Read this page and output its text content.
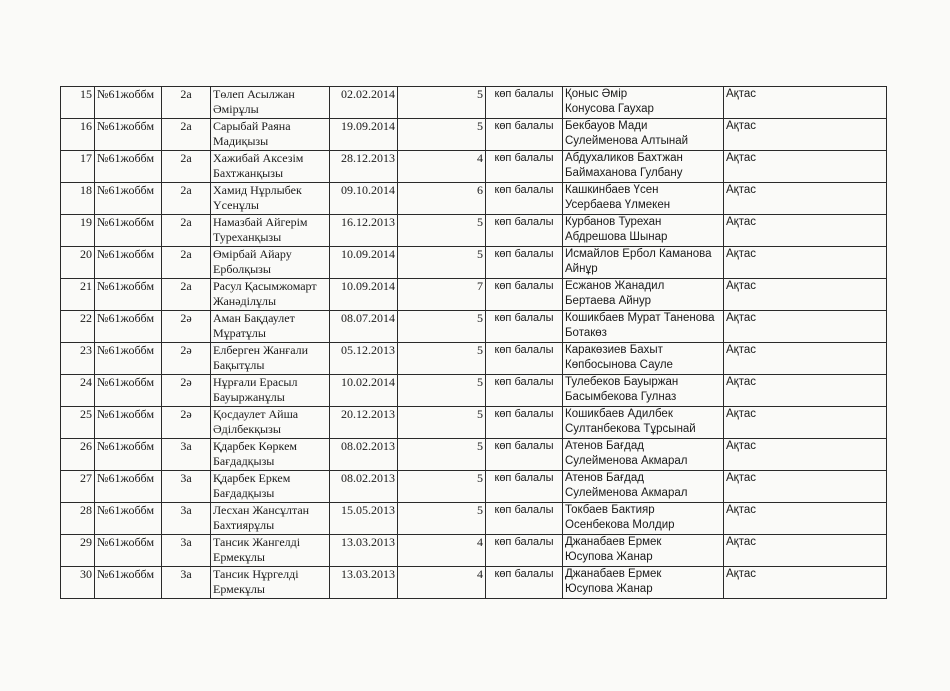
15	№61жоббм	2а	Төлеп Асылжан
Әмірұлы	02.02.2014	5	көп балалы	Қоныс Әмір
Конусова Гаухар	Ақтас

16	№61жоббм	2а	Сарыбай Раяна
Мадиқызы	19.09.2014	5	көп балалы	Бекбауов Мади
Сулейменова Алтынай	Ақтас

17	№61жоббм	2а	Хажибай Аксезім
Бахтжанқызы	28.12.2013	4	көп балалы	Абдухаликов Бахтжан
Баймаханова Гулбану	Ақтас

18	№61жоббм	2а	Хамид Нұрлыбек
Үсенұлы	09.10.2014	6	көп балалы	Кашкинбаев Үсен
Усербаева Үлмекен	Ақтас

19	№61жоббм	2а	Намазбай Айгерім
Туреханқызы	16.12.2013	5	көп балалы	Курбанов Турехан
Абдрешова Шынар	Ақтас

20	№61жоббм	2а	Өмірбай Айару
Ерболқызы	10.09.2014	5	көп балалы	Исмайлов Ербол Каманова
Айнұр	Ақтас

21	№61жоббм	2а	Расул Қасымжомарт
Жанәділұлы	10.09.2014	7	көп балалы	Есжанов Жанадил
Бертаева Айнур	Ақтас

22	№61жоббм	2ә	Аман Бақдаулет
Мұратұлы	08.07.2014	5	көп балалы	Кошикбаев Мурат Таненова
Ботакөз	Ақтас

23	№61жоббм	2ә	Елберген Жанғали
Бақытұлы	05.12.2013	5	көп балалы	Каракөзиев Бахыт
Көпбосынова Сауле	Ақтас

24	№61жоббм	2ә	Нұрғали Ерасыл
Бауыржанұлы	10.02.2014	5	көп балалы	Тулебеков Бауыржан
Басымбекова Гулназ	Ақтас

25	№61жоббм	2ә	Қосдаулет Айша
Әділбекқызы	20.12.2013	5	көп балалы	Кошикбаев Адилбек
Султанбекова Тұрсынай	Ақтас

26	№61жоббм	3а	Қдарбек Көркем
Бағдадқызы	08.02.2013	5	көп балалы	Атенов Бағдад
Сулейменова Акмарал	Ақтас

27	№61жоббм	3а	Қдарбек Еркем
Бағдадқызы	08.02.2013	5	көп балалы	Атенов Бағдад
Сулейменова Акмарал	Ақтас

28	№61жоббм	3а	Лесхан Жансұлтан
Бахтиярұлы	15.05.2013	5	көп балалы	Токбаев Бактияр
Осенбекова Молдир	Ақтас

29	№61жоббм	3а	Тансик Жангелді
Ермекұлы	13.03.2013	4	көп балалы	Джанабаев Ермек
Юсупова Жанар	Ақтас

30	№61жоббм	3а	Тансик Нұргелді
Ермекұлы	13.03.2013	4	көп балалы	Джанабаев Ермек
Юсупова Жанар	Ақтас
